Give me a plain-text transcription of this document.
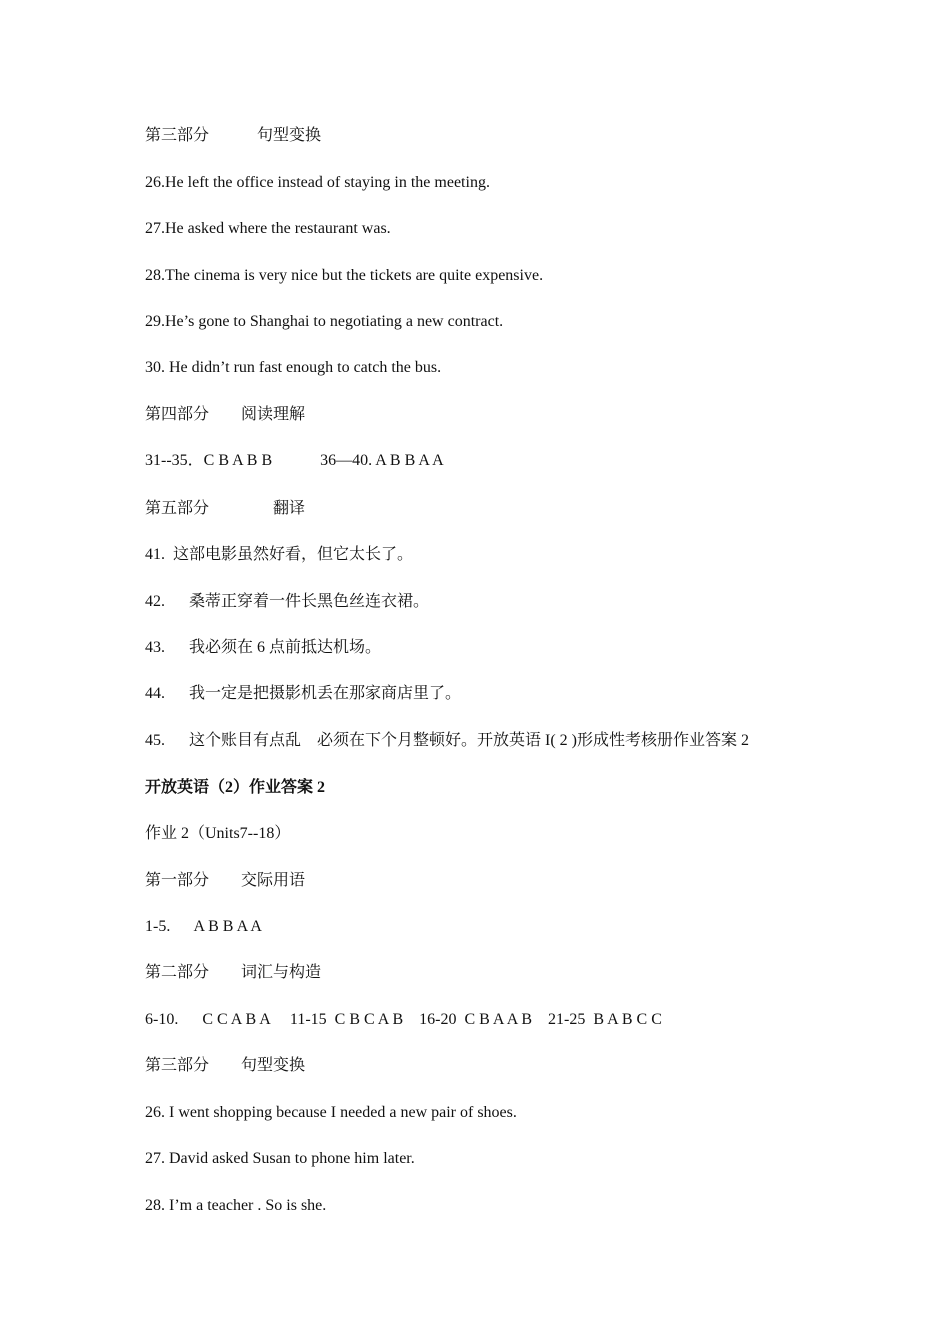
第三部分            句型变换
26.He left the office instead of staying in the meeting.
27.He asked where the restaurant was.
28.The cinema is very nice but the tickets are quite expensive.
29.He’s gone to Shanghai to negotiating a new contract.
30. He didn’t run fast enough to catch the bus.
第四部分        阅读理解
31--35．C B A B B            36—40. A B B A A
第五部分                翻译
41.  这部电影虽然好看，但它太长了。
42.      桑蒂正穿着一件长黑色丝连衣裙。
43.      我必须在 6 点前抵达机场。
44.      我一定是把摄影机丢在那家商店里了。
45.      这个账目有点乱    必须在下个月整顿好。开放英语 I( 2 )形成性考核册作业答案 2
开放英语（2）作业答案 2
作业 2（Units7--18）
第一部分        交际用语
1-5.      A B B A A
第二部分        词汇与构造
6-10.      C C A B A     11-15  C B C A B    16-20  C B A A B    21-25  B A B C C
第三部分        句型变换
26. I went shopping because I needed a new pair of shoes.
27. David asked Susan to phone him later.
28. I’m a teacher . So is she.
